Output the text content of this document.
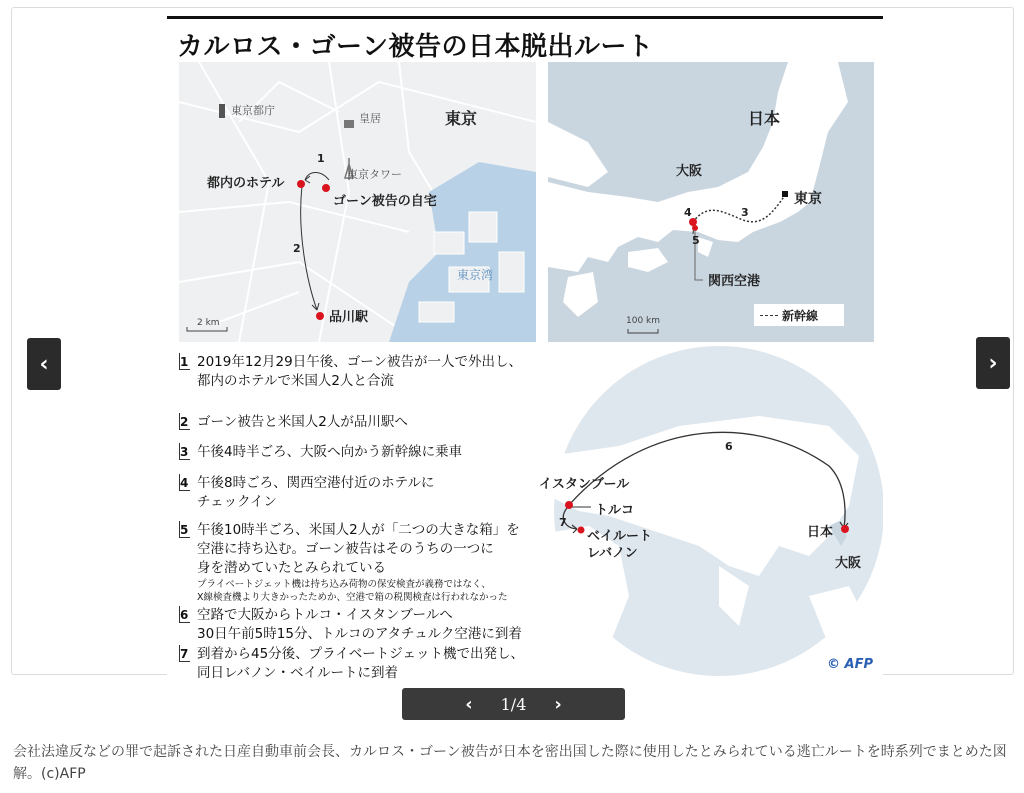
カルロス・ゴーン被告の日本脱出ルート
東京
東京都庁
皇居
東京タワー
東京湾
都内のホテル
ゴーン被告の自宅
品川駅
1
2
2 km
日本
大阪
東京
関西空港
3
4
5
新幹線
100 km
1 2019年12月29日午後、ゴーン被告が一人で外出し、
都内のホテルで米国人2人と合流
2 ゴーン被告と米国人2人が品川駅へ
3 午後4時半ごろ、大阪へ向かう新幹線に乗車
4 午後8時ごろ、関西空港付近のホテルに
チェックイン
5 午後10時半ごろ、米国人2人が「二つの大きな箱」を
空港に持ち込む。ゴーン被告はそのうちの一つに
身を潜めていたとみられている
プライベートジェット機は持ち込み荷物の保安検査が義務ではなく、
X線検査機より大きかったためか、空港で箱の税関検査は行われなかった
6 空路で大阪からトルコ・イスタンブールへ
30日午前5時15分、トルコのアタチュルク空港に到着
7 到着から45分後、プライベートジェット機で出発し、
同日レバノン・ベイルートに到着
イスタンブール
トルコ
ベイルート
レバノン
日本
大阪
6
7
© AFP
‹	›
‹ 1/4 ›
会社法違反などの罪で起訴された日産自動車前会長、カルロス・ゴーン被告が日本を密出国した際に使用したとみられている逃亡ルートを時系列でまとめた図解。(c)AFP
